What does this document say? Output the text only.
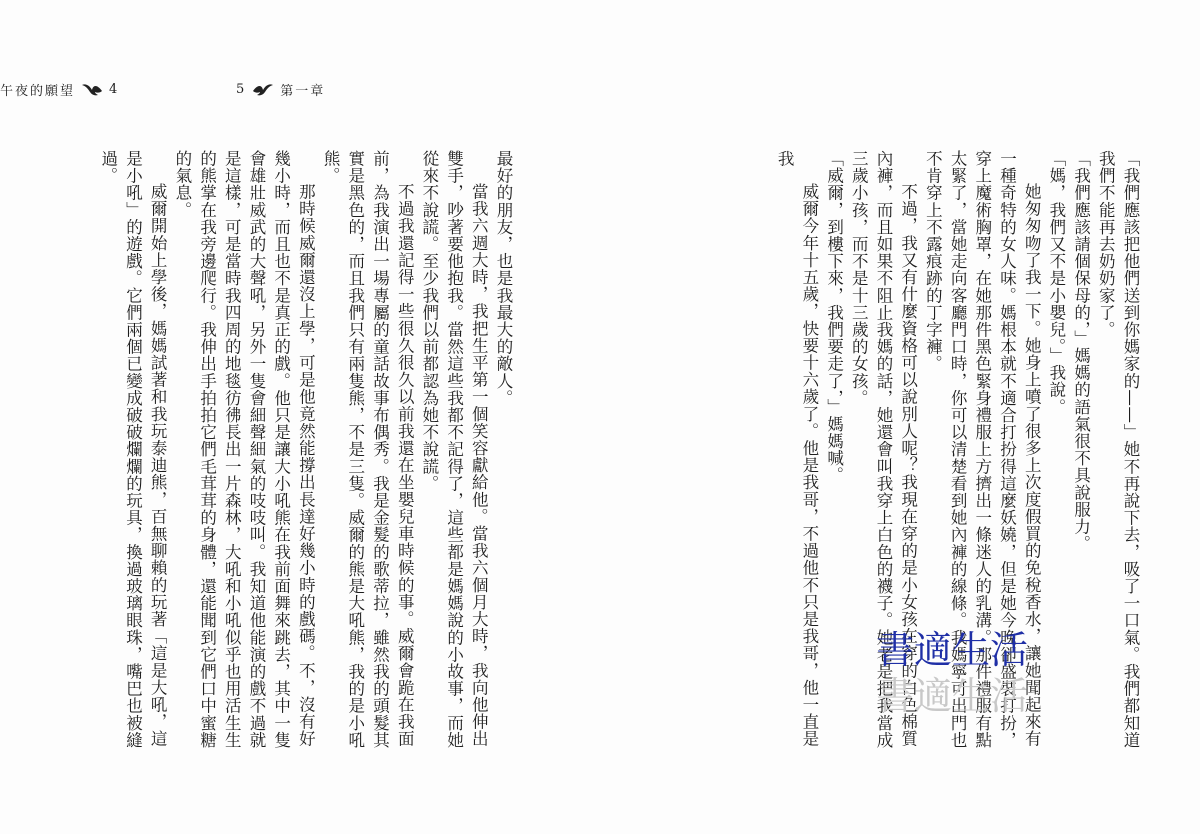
5	第一章

最好的朋友，也是我最大的敵人。

當我六週大時，我把生平第一個笑容獻給他。當我六個月大時，我向他伸出雙手，吵著要他抱我。當然這些我都不記得了，這些都是媽媽說的小故事，而她從來不說謊。至少我們以前都認為她不說謊。

不過我還記得一些很久很久以前我還在坐嬰兒車時候的事。威爾會跪在我面前，為我演出一場專屬的童話故事布偶秀。我是金髮的歌蒂拉，雖然我的頭髮其實是黑色的，而且我們只有兩隻熊，不是三隻。威爾的熊是大吼熊，我的是小吼熊。

那時候威爾還沒上學，可是他竟然能撐出長達好幾小時的戲碼。不，沒有好幾小時，而且也不是真正的戲。他只是讓大小吼熊在我前面舞來跳去，其中一隻會雄壯威武的大聲吼，另外一隻會細聲細氣的吱吱叫。我知道他能演的戲不過就是這樣，可是當時我四周的地毯彷彿長出一片森林，大吼和小吼似乎也用活生生的熊掌在我旁邊爬行。我伸出手拍拍它們毛茸茸的身體，還能聞到它們口中蜜糖的氣息。

威爾開始上學後，媽媽試著和我玩泰迪熊，百無聊賴的玩著「這是大吼，這是小吼」的遊戲。它們兩個已變成破破爛爛的玩具，換過玻璃眼珠，嘴巴也被縫過。	「我們應該把他們送到你媽家的——」她不再說下去，吸了一口氣。我們都知道我們不能再去奶奶家了。

「我們應該請個保母的，」媽媽的語氣很不具說服力。

「媽，我們又不是小嬰兒。」我說。

她匆匆吻了我一下。她身上噴了很多上次度假買的免稅香水，讓她聞起來有一種奇特的女人味。媽根本就不適合打扮得這麼妖嬈，但是她今晚卻盛裝打扮，穿上魔術胸罩，在她那件黑色緊身禮服上方擠出一條迷人的乳溝。那件禮服有點太緊了，當她走向客廳門口時，你可以清楚看到她內褲的線條。我媽寧可出門也不肯穿上不露痕跡的丁字褲。

不過，我又有什麼資格可以說別人呢？我現在穿的是小女孩在穿的白色棉質內褲，而且如果不阻止我媽的話，她還會叫我穿上白色的襪子。她老是把我當成三歲小孩，而不是十三歲的女孩。

「威爾，到樓下來，我們要走了，」媽媽喊。

威爾今年十五歲，快要十六歲了。他是我哥，不過他不只是我哥，他一直是我

午夜的願望	4
書適生活
書適生活
